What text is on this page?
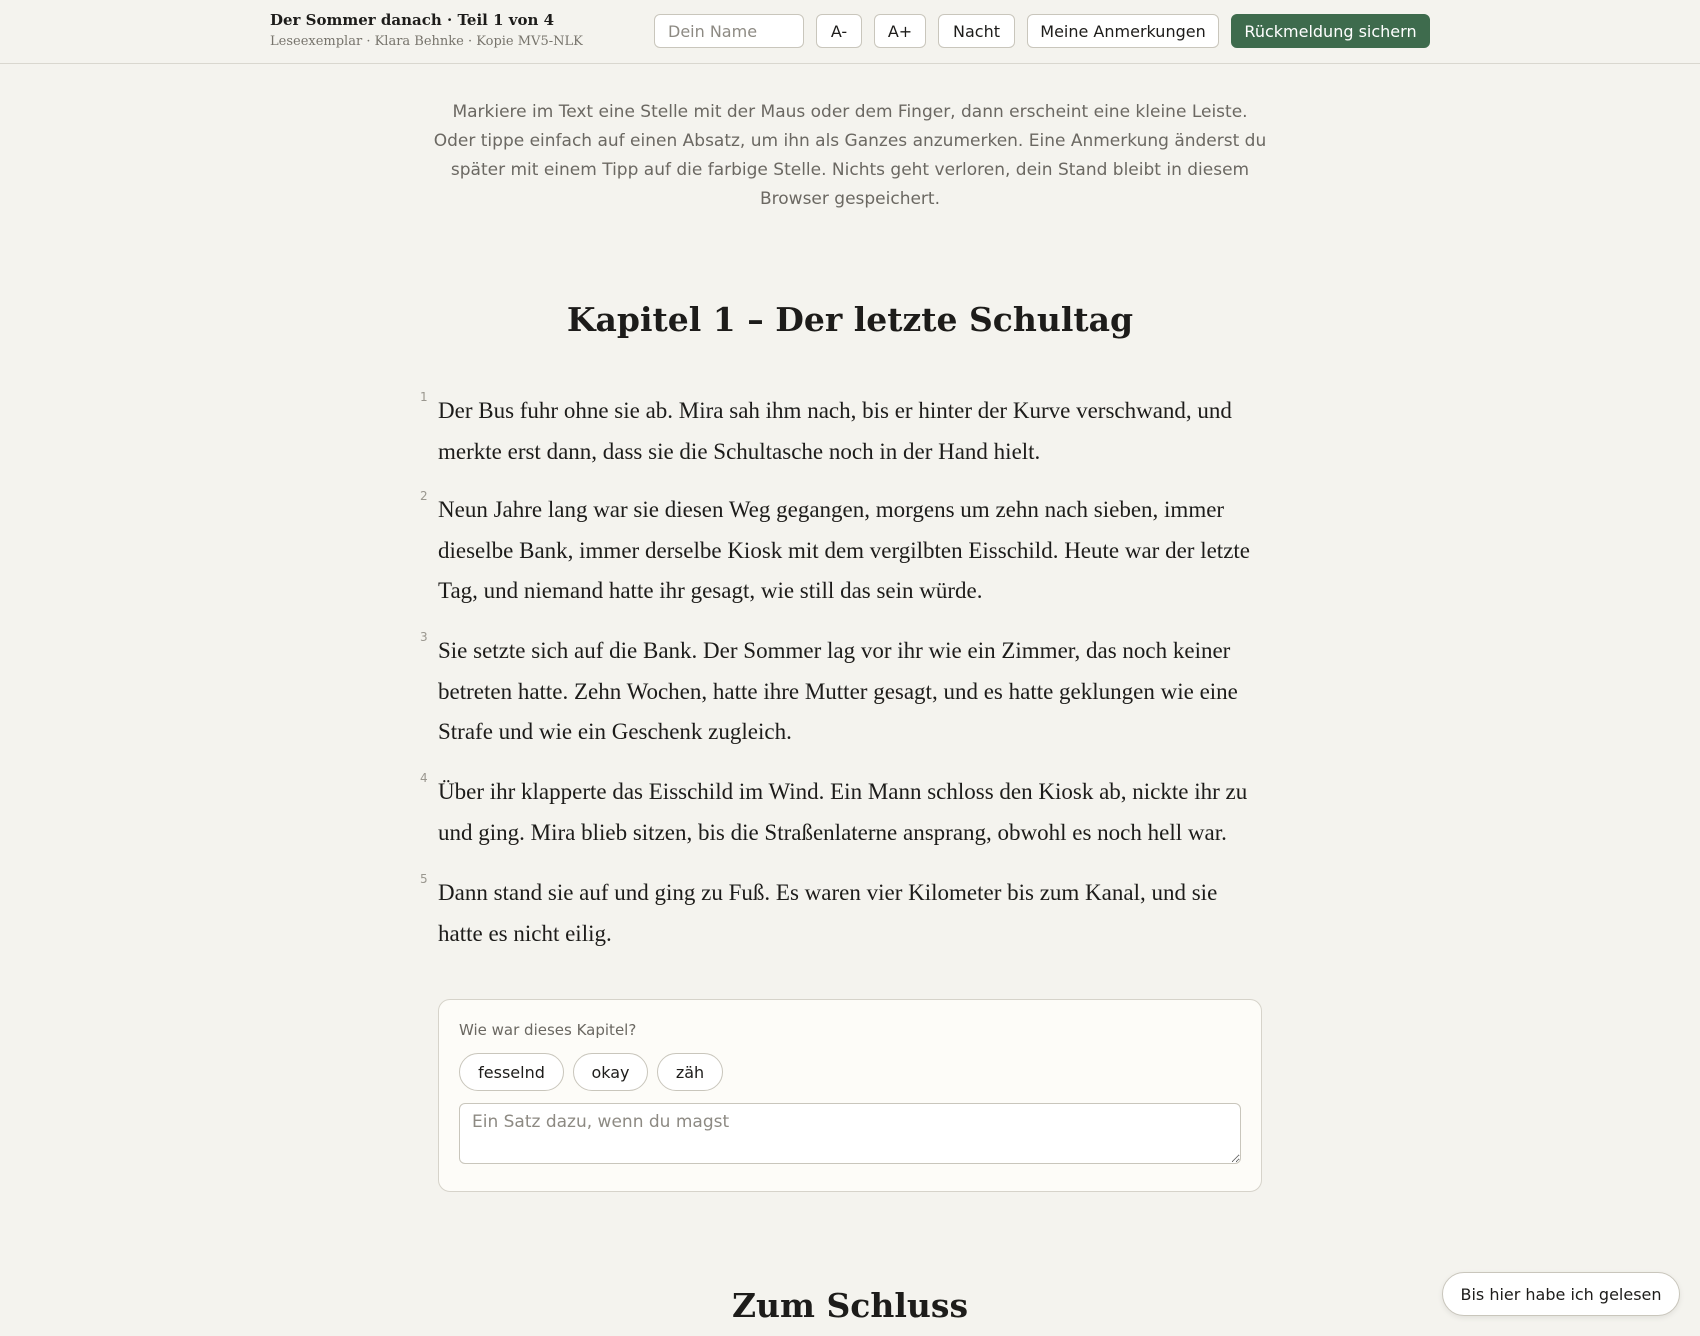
Der Sommer danach · Teil 1 von 4
Leseexemplar · Klara Behnke · Kopie MV5-NLK
Dein Name
A-	A+	Nacht	Meine Anmerkungen	Rückmeldung sichern
Markiere im Text eine Stelle mit der Maus oder dem Finger, dann erscheint eine kleine Leiste. Oder tippe einfach auf einen Absatz, um ihn als Ganzes anzumerken. Eine Anmerkung änderst du später mit einem Tipp auf die farbige Stelle. Nichts geht verloren, dein Stand bleibt in diesem Browser gespeichert.
Kapitel 1 – Der letzte Schultag
1
Der Bus fuhr ohne sie ab. Mira sah ihm nach, bis er hinter der Kurve verschwand, und merkte erst dann, dass sie die Schultasche noch in der Hand hielt.
2
Neun Jahre lang war sie diesen Weg gegangen, morgens um zehn nach sieben, immer dieselbe Bank, immer derselbe Kiosk mit dem vergilbten Eisschild. Heute war der letzte Tag, und niemand hatte ihr gesagt, wie still das sein würde.
3
Sie setzte sich auf die Bank. Der Sommer lag vor ihr wie ein Zimmer, das noch keiner betreten hatte. Zehn Wochen, hatte ihre Mutter gesagt, und es hatte geklungen wie eine Strafe und wie ein Geschenk zugleich.
4
Über ihr klapperte das Eisschild im Wind. Ein Mann schloss den Kiosk ab, nickte ihr zu und ging. Mira blieb sitzen, bis die Straßenlaterne ansprang, obwohl es noch hell war.
5
Dann stand sie auf und ging zu Fuß. Es waren vier Kilometer bis zum Kanal, und sie hatte es nicht eilig.
Wie war dieses Kapitel?
fesselnd	okay	zäh
Ein Satz dazu, wenn du magst
Zum Schluss	Bis hier habe ich gelesen
